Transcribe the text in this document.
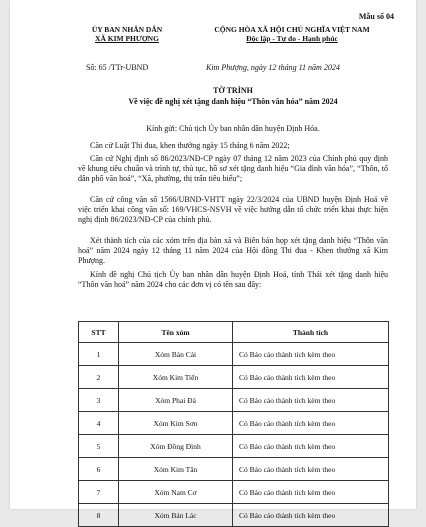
Mẫu số 04
ỦY BAN NHÂN DÂN
XÃ KIM PHƯỢNG
CỘNG HÒA XÃ HỘI CHỦ NGHĨA VIỆT NAM
Độc lập - Tự do - Hạnh phúc
Số: 65 /TTr-UBND	Kim Phượng, ngày 12 tháng 11 năm 2024
TỜ TRÌNH
Về việc đề nghị xét tặng danh hiệu “Thôn văn hóa” năm 2024
Kính gửi: Chủ tịch Ủy ban nhân dân huyện Định Hóa.
Căn cứ Luật Thi đua, khen thưởng ngày 15 tháng 6 năm 2022;
Căn cứ Nghị định số 86/2023/NĐ-CP ngày 07 tháng 12 năm 2023 của Chính phủ quy định về khung tiêu chuẩn và trình tự, thủ tục, hồ sơ xét tặng danh hiệu “Gia đình văn hóa”, “Thôn, tổ dân phố văn hoá”, “Xã, phường, thị trấn tiêu biểu”;
Căn cứ công văn số 1566/UBND-VHTT ngày 22/3/2024 của UBND huyện Định Hoá về việc triển khai công văn số: 169/VHCS-NSVH về việc hướng dẫn tổ chức triển khai thực hiện nghị định 86/2023/NĐ-CP của chính phủ.
Xét thành tích của các xóm trên địa bàn xã và Biên bản họp xét tặng danh hiệu “Thôn văn hoá” năm 2024 ngày 12 tháng 11 năm 2024 của Hội đồng Thi đua - Khen thưởng xã Kim Phượng.
Kính đề nghị Chủ tịch Ủy ban nhân dân huyện Định Hoá, tỉnh Thái xét tặng danh hiệu “Thôn văn hoá” năm 2024 cho các đơn vị có tên sau đây:
STT	Tên xóm	Thành tích
1	Xóm Bản Cải	Có Báo cáo thành tích kèm theo
2	Xóm Kim Tiến	Có Báo cáo thành tích kèm theo
3	Xóm Phai Đá	Có Báo cáo thành tích kèm theo
4	Xóm Kim Sơn	Có Báo cáo thành tích kèm theo
5	Xóm Đồng Đình	Có Báo cáo thành tích kèm theo
6	Xóm Kim Tân	Có Báo cáo thành tích kèm theo
7	Xóm Nam Cơ	Có Báo cáo thành tích kèm theo
8	Xóm Bản Lác	Có Báo cáo thành tích kèm theo
